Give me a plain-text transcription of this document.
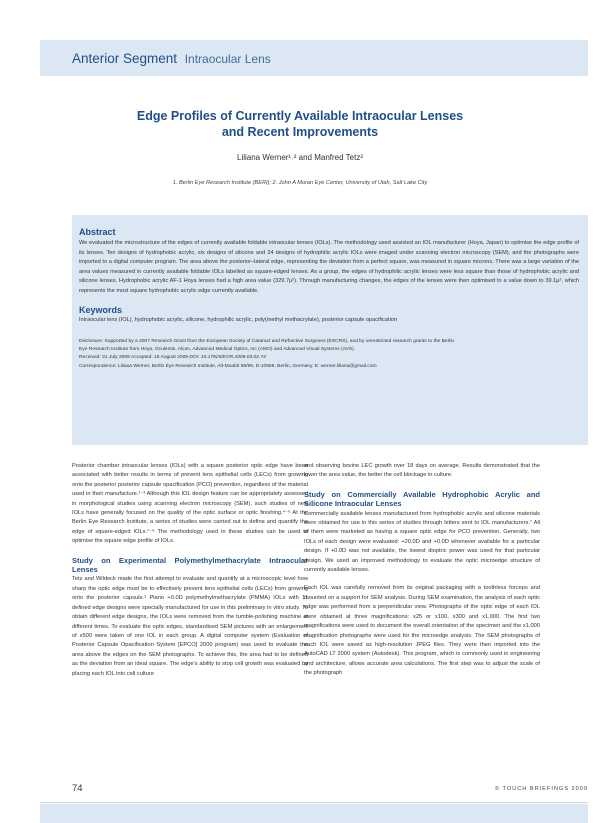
Anterior Segment Intraocular Lens
Edge Profiles of Currently Available Intraocular Lenses
and Recent Improvements
Liliana Werner¹˒² and Manfred Tetz²
1. Berlin Eye Research Institute (BERI); 2. John A Moran Eye Center, University of Utah, Salt Lake City
Abstract

We evaluated the microstructure of the edges of currently available foldable intraocular lenses (IOLs). The methodology used assisted an IOL manufacturer (Hoya, Japan) to optimise the edge profile of its lenses. Ten designs of hydrophobic acrylic, six designs of silicone and 24 designs of hydrophilic acrylic IOLs were imaged under scanning electron microscopy (SEM), and the photographs were imported to a digital computer program. The area above the posterior–lateral edge, representing the deviation from a perfect square, was measured in square microns. There was a large variation of the area values measured in currently available foldable IOLs labelled as square-edged lenses. As a group, the edges of hydrophilic acrylic lenses were less square than those of hydrophobic acrylic and silicone lenses. Hydrophobic acrylic AF-1 Hoya lenses had a high area value (329.7μ²). Through manufacturing changes, the edges of the lenses were then optimised to a value down to 39.1μ², which represents the most square hydrophobic acrylic edge currently available.

Keywords

Intraocular lens (IOL), hydrophobic acrylic, silicone, hydrophilic acrylic, poly(methyl methacrylate), posterior capsule opacification

Disclosure: Supported by a 2007 Research Grant from the European Society of Cataract and Refractive Surgeons (ESCRS), and by unrestricted research grants to the Berlin
Eye Research Institute from Hoya, Oculentis, Alcon, Advanced Medical Optics, Inc (AMO) and Advanced Visual Systems (AVS).
Received: 31 July 2009 Accepted: 18 August 2009 DOI: 10.17925/EOR.2009.03.02.74
Correspondence: Liliana Werner, Berlin Eye Research Institute, Alt-Moabit 98/99, D-10559, Berlin, Germany. E: werner.liliana@gmail.com

Posterior chamber intraocular lenses (IOLs) with a square posterior optic edge have been associated with better results in terms of prevent lens epithelial cells (LECs) from growing onto the posterior posterior capsule opacification (PCO) prevention, regardless of the material used in their manufacture.¹⁻³ Although this IOL design feature can be appropriately assessed in morphological studies using scanning electron microscopy (SEM), such studies of new IOLs have generally focused on the quality of the optic surface or optic finishing.⁴⁻⁶ At the Berlin Eye Research Institute, a series of studies were carried out to define and quantify the edge of square-edged IOLs.⁷⁻⁹ The methodology used in these studies can be used to optimise the square edge profile of IOLs.

Study on Experimental Polymethylmethacrylate Intraocular Lenses

Tetz and Wildeck made the first attempt to evaluate and quantify at a microscopic level how sharp the optic edge must be to effectively prevent lens epithelial cells (LECs) from growing onto the posterior capsule.³ Plano +0.0D polymethylmethacrylate (PMMA) IOLs with 11 defined edge designs were specially manufactured for use in this preliminary in vitro study. To obtain different edge designs, the IOLs were removed from the tumble-polishing machine at different times. To evaluate the optic edges, standardised SEM pictures with an enlargement of x500 were taken of one IOL in each group. A digital computer system (Evaluation of Posterior Capsule Opacification System [EPCO] 2000 program) was used to evaluate the area above the edges on the SEM photographs. To achieve this, the area had to be defined as the deviation from an ideal square. The edge’s ability to stop cell growth was evaluated by placing each IOL into cell culture

and observing bovine LEC growth over 18 days on average. Results demonstrated that the lower the area value, the better the cell blockage in culture.

Study on Commercially Available Hydrophobic Acrylic and Silicone Intraocular Lenses

Commercially available lenses manufactured from hydrophobic acrylic and silicone materials were obtained for use in this series of studies through letters sent to IOL manufacturers.⁷ All of them were marketed as having a square optic edge for PCO prevention. Generally, two IOLs of each design were evaluated: +20.0D and +0.0D whenever available for a particular design. If +0.0D was not available, the lowest dioptric power was used for that particular design. We used an improved methodology to evaluate the optic microedge structure of currently available lenses.

Each IOL was carefully removed from its original packaging with a toothless forceps and mounted on a support for SEM analysis. During SEM examination, the analysis of each optic edge was performed from a perpendicular view. Photographs of the optic edge of each IOL were obtained at three magnifications: x25 or x100, x300 and x1,000. The first two magnifications were used to document the overall orientation of the specimen and the x1,000 magnification photographs were used for the microedge analysis. The SEM photographs of each IOL were saved as high-resolution JPEG files. They were then imported into the AutoCAD LT 2000 system (Autodesk). This program, which is commonly used in engineering and architecture, allows accurate area calculations. The first step was to adjust the scale of the photograph

74	© TOUCH BRIEFINGS 2009
